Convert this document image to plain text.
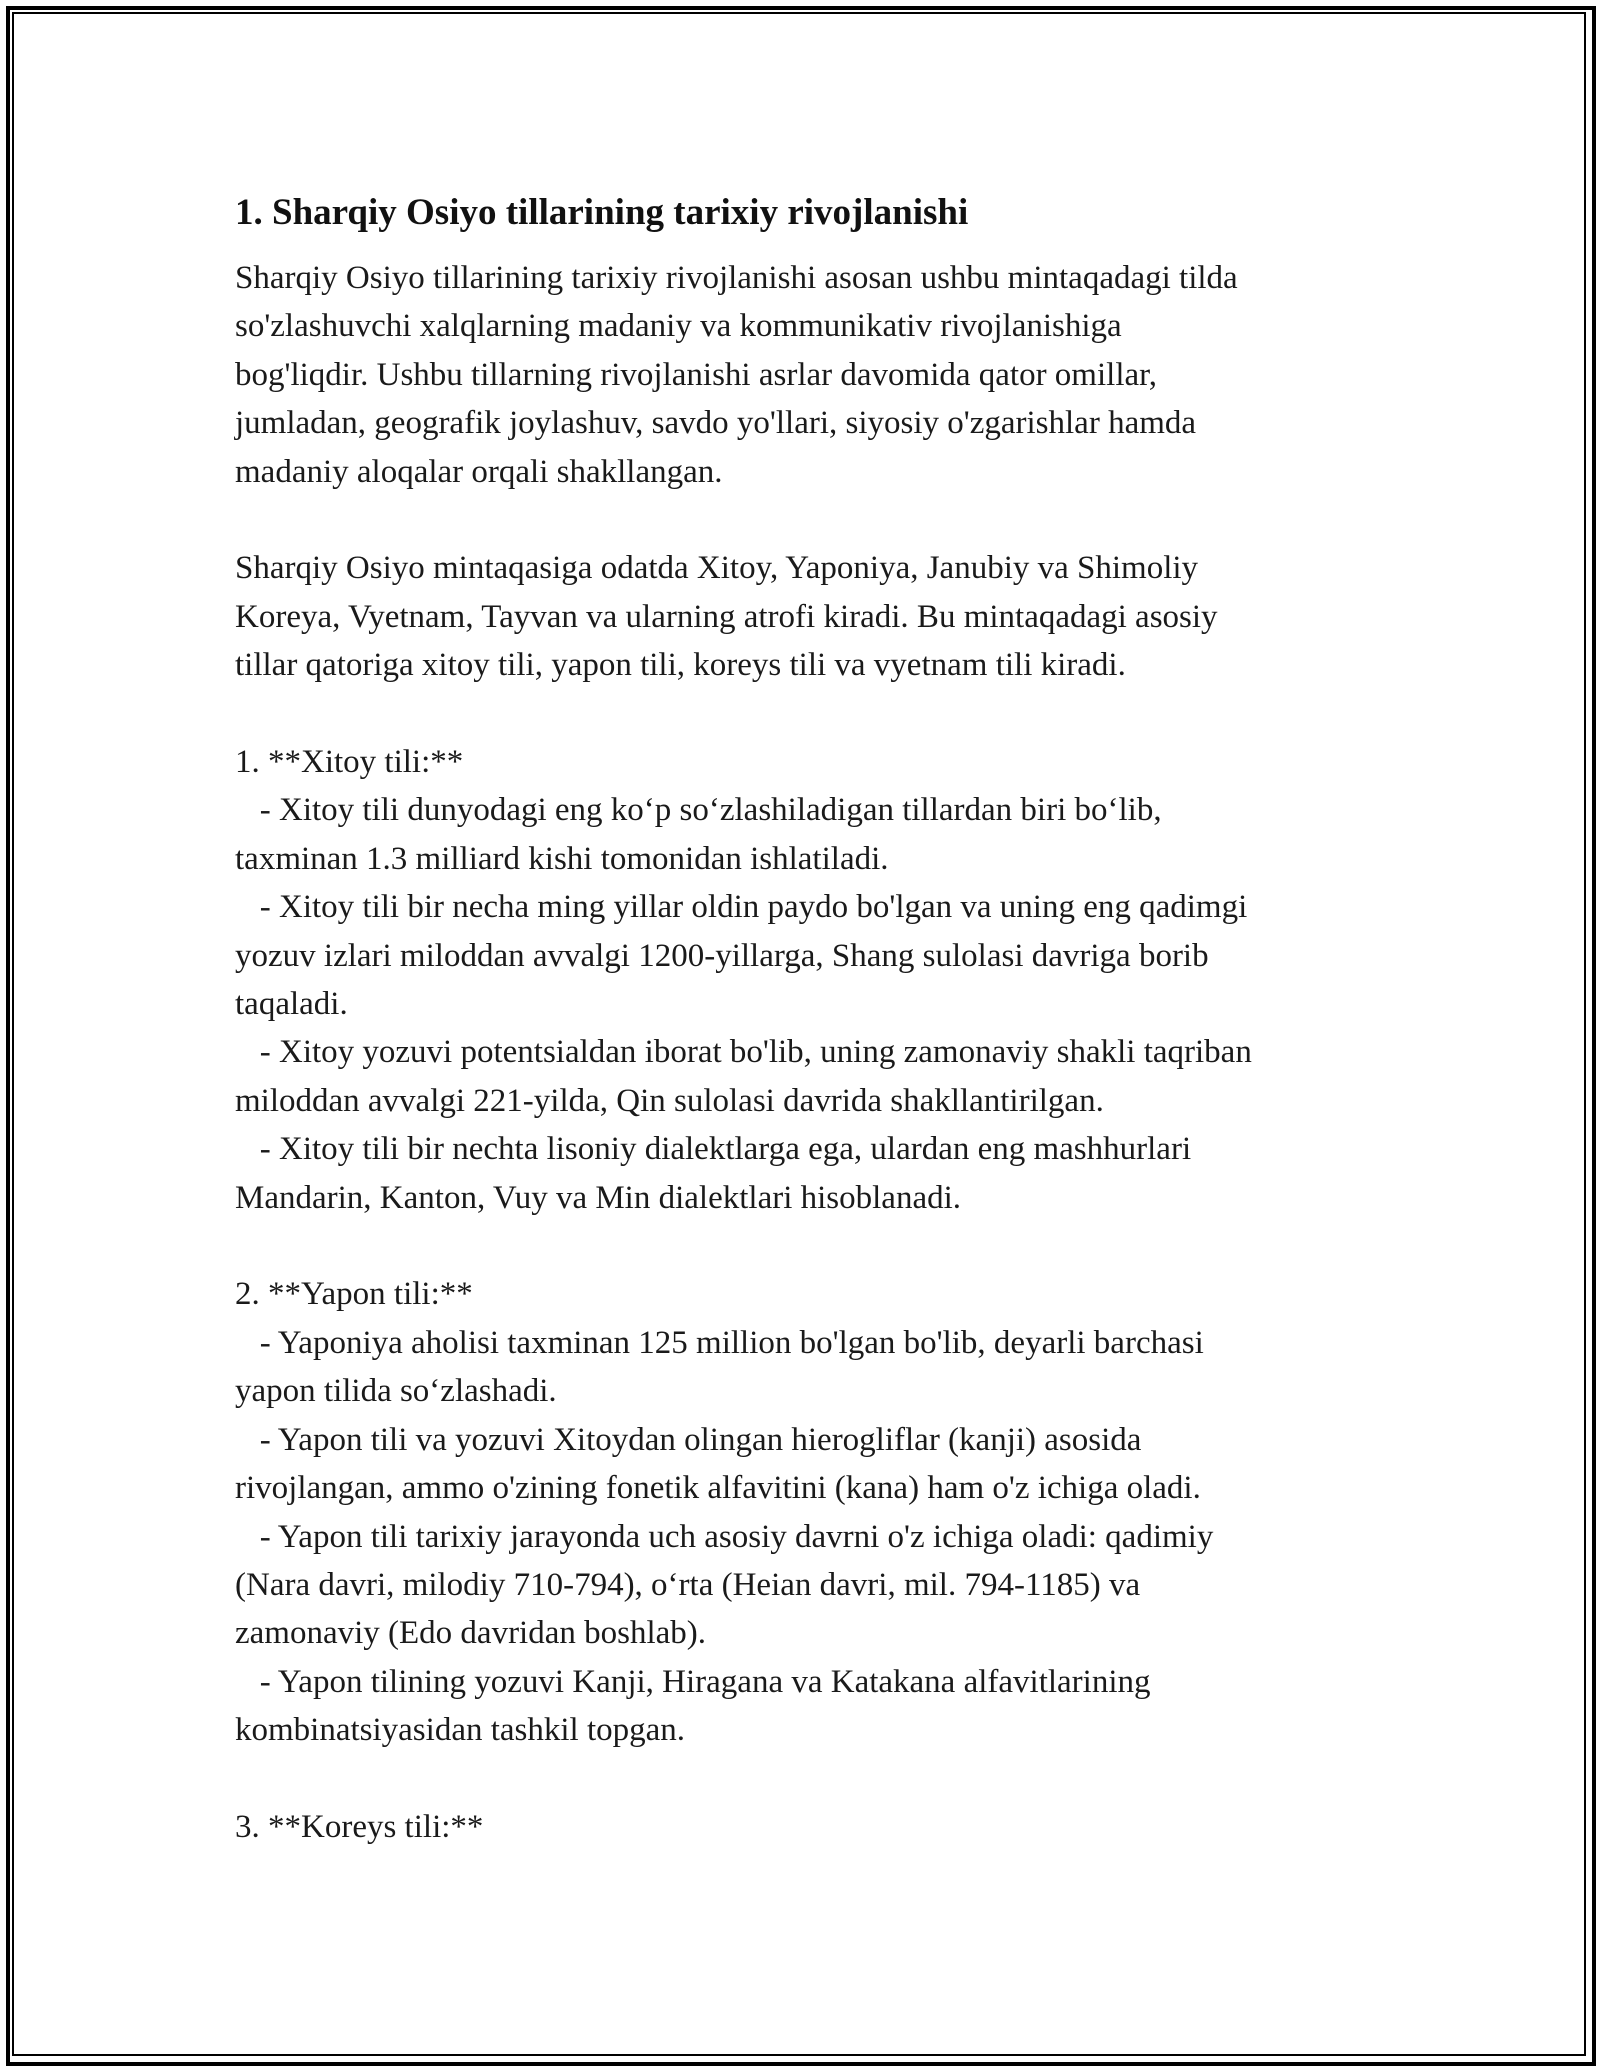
1. Sharqiy Osiyo tillarining tarixiy rivojlanishi
Sharqiy Osiyo tillarining tarixiy rivojlanishi asosan ushbu mintaqadagi tilda
so'zlashuvchi xalqlarning madaniy va kommunikativ rivojlanishiga
bog'liqdir. Ushbu tillarning rivojlanishi asrlar davomida qator omillar,
jumladan, geografik joylashuv, savdo yo'llari, siyosiy o'zgarishlar hamda
madaniy aloqalar orqali shakllangan.
Sharqiy Osiyo mintaqasiga odatda Xitoy, Yaponiya, Janubiy va Shimoliy
Koreya, Vyetnam, Tayvan va ularning atrofi kiradi. Bu mintaqadagi asosiy
tillar qatoriga xitoy tili, yapon tili, koreys tili va vyetnam tili kiradi.
1. **Xitoy tili:**
- Xitoy tili dunyodagi eng ko‘p so‘zlashiladigan tillardan biri bo‘lib,
taxminan 1.3 milliard kishi tomonidan ishlatiladi.
- Xitoy tili bir necha ming yillar oldin paydo bo'lgan va uning eng qadimgi
yozuv izlari miloddan avvalgi 1200-yillarga, Shang sulolasi davriga borib
taqaladi.
- Xitoy yozuvi potentsialdan iborat bo'lib, uning zamonaviy shakli taqriban
miloddan avvalgi 221-yilda, Qin sulolasi davrida shakllantirilgan.
- Xitoy tili bir nechta lisoniy dialektlarga ega, ulardan eng mashhurlari
Mandarin, Kanton, Vuy va Min dialektlari hisoblanadi.
2. **Yapon tili:**
- Yaponiya aholisi taxminan 125 million bo'lgan bo'lib, deyarli barchasi
yapon tilida so‘zlashadi.
- Yapon tili va yozuvi Xitoydan olingan hierogliflar (kanji) asosida
rivojlangan, ammo o'zining fonetik alfavitini (kana) ham o'z ichiga oladi.
- Yapon tili tarixiy jarayonda uch asosiy davrni o'z ichiga oladi: qadimiy
(Nara davri, milodiy 710-794), o‘rta (Heian davri, mil. 794-1185) va
zamonaviy (Edo davridan boshlab).
- Yapon tilining yozuvi Kanji, Hiragana va Katakana alfavitlarining
kombinatsiyasidan tashkil topgan.
3. **Koreys tili:**
